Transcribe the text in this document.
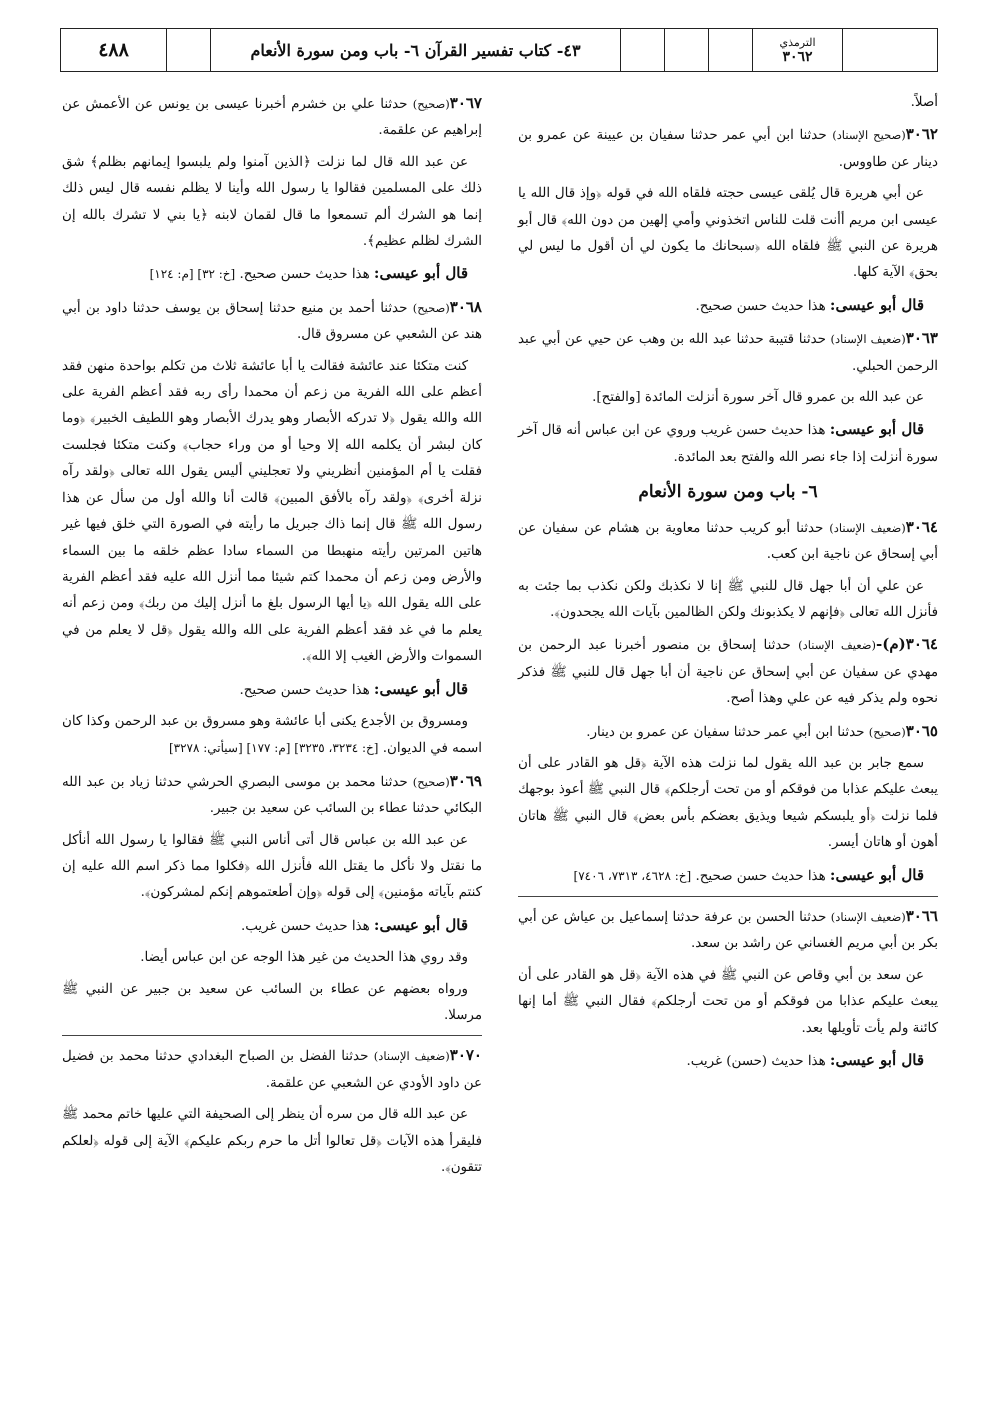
٤٨٨	٤٣- كتاب تفسير القرآن ٦- باب ومن سورة الأنعام	الترمذي
٣٠٦٢

أصلاً.

٣٠٦٢(صحيح الإسناد) حدثنا ابن أبي عمر حدثنا سفيان بن عيينة عن عمرو بن دينار عن طاووس.

عن أبي هريرة قال يُلقى عيسى حجته فلقاه الله في قوله ﴿وإذ قال الله يا عيسى ابن مريم أأنت قلت للناس اتخذوني وأمي إلهين من دون الله﴾ قال أبو هريرة عن النبي ﷺ فلقاه الله ﴿سبحانك ما يكون لي أن أقول ما ليس لي بحق﴾ الآية كلها.

قال أبو عيسى: هذا حديث حسن صحيح.

٣٠٦٣(ضعيف الإسناد) حدثنا قتيبة حدثنا عبد الله بن وهب عن حيي عن أبي عبد الرحمن الحبلي.

عن عبد الله بن عمرو قال آخر سورة أنزلت المائدة [والفتح].

قال أبو عيسى: هذا حديث حسن غريب وروي عن ابن عباس أنه قال آخر سورة أنزلت إذا جاء نصر الله والفتح بعد المائدة.

٦- باب ومن سورة الأنعام

٣٠٦٤(ضعيف الإسناد) حدثنا أبو كريب حدثنا معاوية بن هشام عن سفيان عن أبي إسحاق عن ناجية ابن كعب.

عن علي أن أبا جهل قال للنبي ﷺ إنا لا نكذبك ولكن نكذب بما جئت به فأنزل الله تعالى ﴿فإنهم لا يكذبونك ولكن الظالمين بآيات الله يجحدون﴾.

٣٠٦٤(م)-(ضعيف الإسناد) حدثنا إسحاق بن منصور أخبرنا عبد الرحمن بن مهدي عن سفيان عن أبي إسحاق عن ناجية أن أبا جهل قال للنبي ﷺ فذكر نحوه ولم يذكر فيه عن علي وهذا أصح.

٣٠٦٥(صحيح) حدثنا ابن أبي عمر حدثنا سفيان عن عمرو بن دينار.

سمع جابر بن عبد الله يقول لما نزلت هذه الآية ﴿قل هو القادر على أن يبعث عليكم عذابا من فوقكم أو من تحت أرجلكم﴾ قال النبي ﷺ أعوذ بوجهك فلما نزلت ﴿أو يلبسكم شيعا ويذيق بعضكم بأس بعض﴾ قال النبي ﷺ هاتان أهون أو هاتان أيسر.

قال أبو عيسى: هذا حديث حسن صحيح. [خ: ٤٦٢٨، ٧٣١٣، ٧٤٠٦]

٣٠٦٦(ضعيف الإسناد) حدثنا الحسن بن عرفة حدثنا إسماعيل بن عياش عن أبي بكر بن أبي مريم الغساني عن راشد بن سعد.

عن سعد بن أبي وقاص عن النبي ﷺ في هذه الآية ﴿قل هو القادر على أن يبعث عليكم عذابا من فوقكم أو من تحت أرجلكم﴾ فقال النبي ﷺ أما إنها كائنة ولم يأت تأويلها بعد.

قال أبو عيسى: هذا حديث (حسن) غريب.

٣٠٦٧(صحيح) حدثنا علي بن خشرم أخبرنا عيسى بن يونس عن الأعمش عن إبراهيم عن علقمة.

عن عبد الله قال لما نزلت ﴿الذين آمنوا ولم يلبسوا إيمانهم بظلم﴾ شق ذلك على المسلمين فقالوا يا رسول الله وأينا لا يظلم نفسه قال ليس ذلك إنما هو الشرك ألم تسمعوا ما قال لقمان لابنه ﴿يا بني لا تشرك بالله إن الشرك لظلم عظيم﴾.

قال أبو عيسى: هذا حديث حسن صحيح. [خ: ٣٢] [م: ١٢٤]

٣٠٦٨(صحيح) حدثنا أحمد بن منيع حدثنا إسحاق بن يوسف حدثنا داود بن أبي هند عن الشعبي عن مسروق قال.

كنت متكئا عند عائشة فقالت يا أبا عائشة ثلاث من تكلم بواحدة منهن فقد أعظم على الله الفرية من زعم أن محمدا رأى ربه فقد أعظم الفرية على الله والله يقول ﴿لا تدركه الأبصار وهو يدرك الأبصار وهو اللطيف الخبير﴾ ﴿وما كان لبشر أن يكلمه الله إلا وحيا أو من وراء حجاب﴾ وكنت متكئا فجلست فقلت يا أم المؤمنين أنظريني ولا تعجليني أليس يقول الله تعالى ﴿ولقد رآه نزلة أخرى﴾ ﴿ولقد رآه بالأفق المبين﴾ قالت أنا والله أول من سأل عن هذا رسول الله ﷺ قال إنما ذاك جبريل ما رأيته في الصورة التي خلق فيها غير هاتين المرتين رأيته منهبطا من السماء سادا عظم خلقه ما بين السماء والأرض ومن زعم أن محمدا كتم شيئا مما أنزل الله عليه فقد أعظم الفرية على الله يقول الله ﴿يا أيها الرسول بلغ ما أنزل إليك من ربك﴾ ومن زعم أنه يعلم ما في غد فقد أعظم الفرية على الله والله يقول ﴿قل لا يعلم من في السموات والأرض الغيب إلا الله﴾.

قال أبو عيسى: هذا حديث حسن صحيح.

ومسروق بن الأجدع يكنى أبا عائشة وهو مسروق بن عبد الرحمن وكذا كان اسمه في الديوان. [خ: ٣٢٣٤، ٣٢٣٥] [م: ١٧٧] [سيأتي: ٣٢٧٨]

٣٠٦٩(صحيح) حدثنا محمد بن موسى البصري الحرشي حدثنا زياد بن عبد الله البكائي حدثنا عطاء بن السائب عن سعيد بن جبير.

عن عبد الله بن عباس قال أتى أناس النبي ﷺ فقالوا يا رسول الله أنأكل ما نقتل ولا نأكل ما يقتل الله فأنزل الله ﴿فكلوا مما ذكر اسم الله عليه إن كنتم بآياته مؤمنين﴾ إلى قوله ﴿وإن أطعتموهم إنكم لمشركون﴾.

قال أبو عيسى: هذا حديث حسن غريب.

وقد روي هذا الحديث من غير هذا الوجه عن ابن عباس أيضا.

ورواه بعضهم عن عطاء بن السائب عن سعيد بن جبير عن النبي ﷺ مرسلا.

٣٠٧٠(ضعيف الإسناد) حدثنا الفضل بن الصباح البغدادي حدثنا محمد بن فضيل عن داود الأودي عن الشعبي عن علقمة.

عن عبد الله قال من سره أن ينظر إلى الصحيفة التي عليها خاتم محمد ﷺ فليقرأ هذه الآيات ﴿قل تعالوا أتل ما حرم ربكم عليكم﴾ الآية إلى قوله ﴿لعلكم تتقون﴾.
